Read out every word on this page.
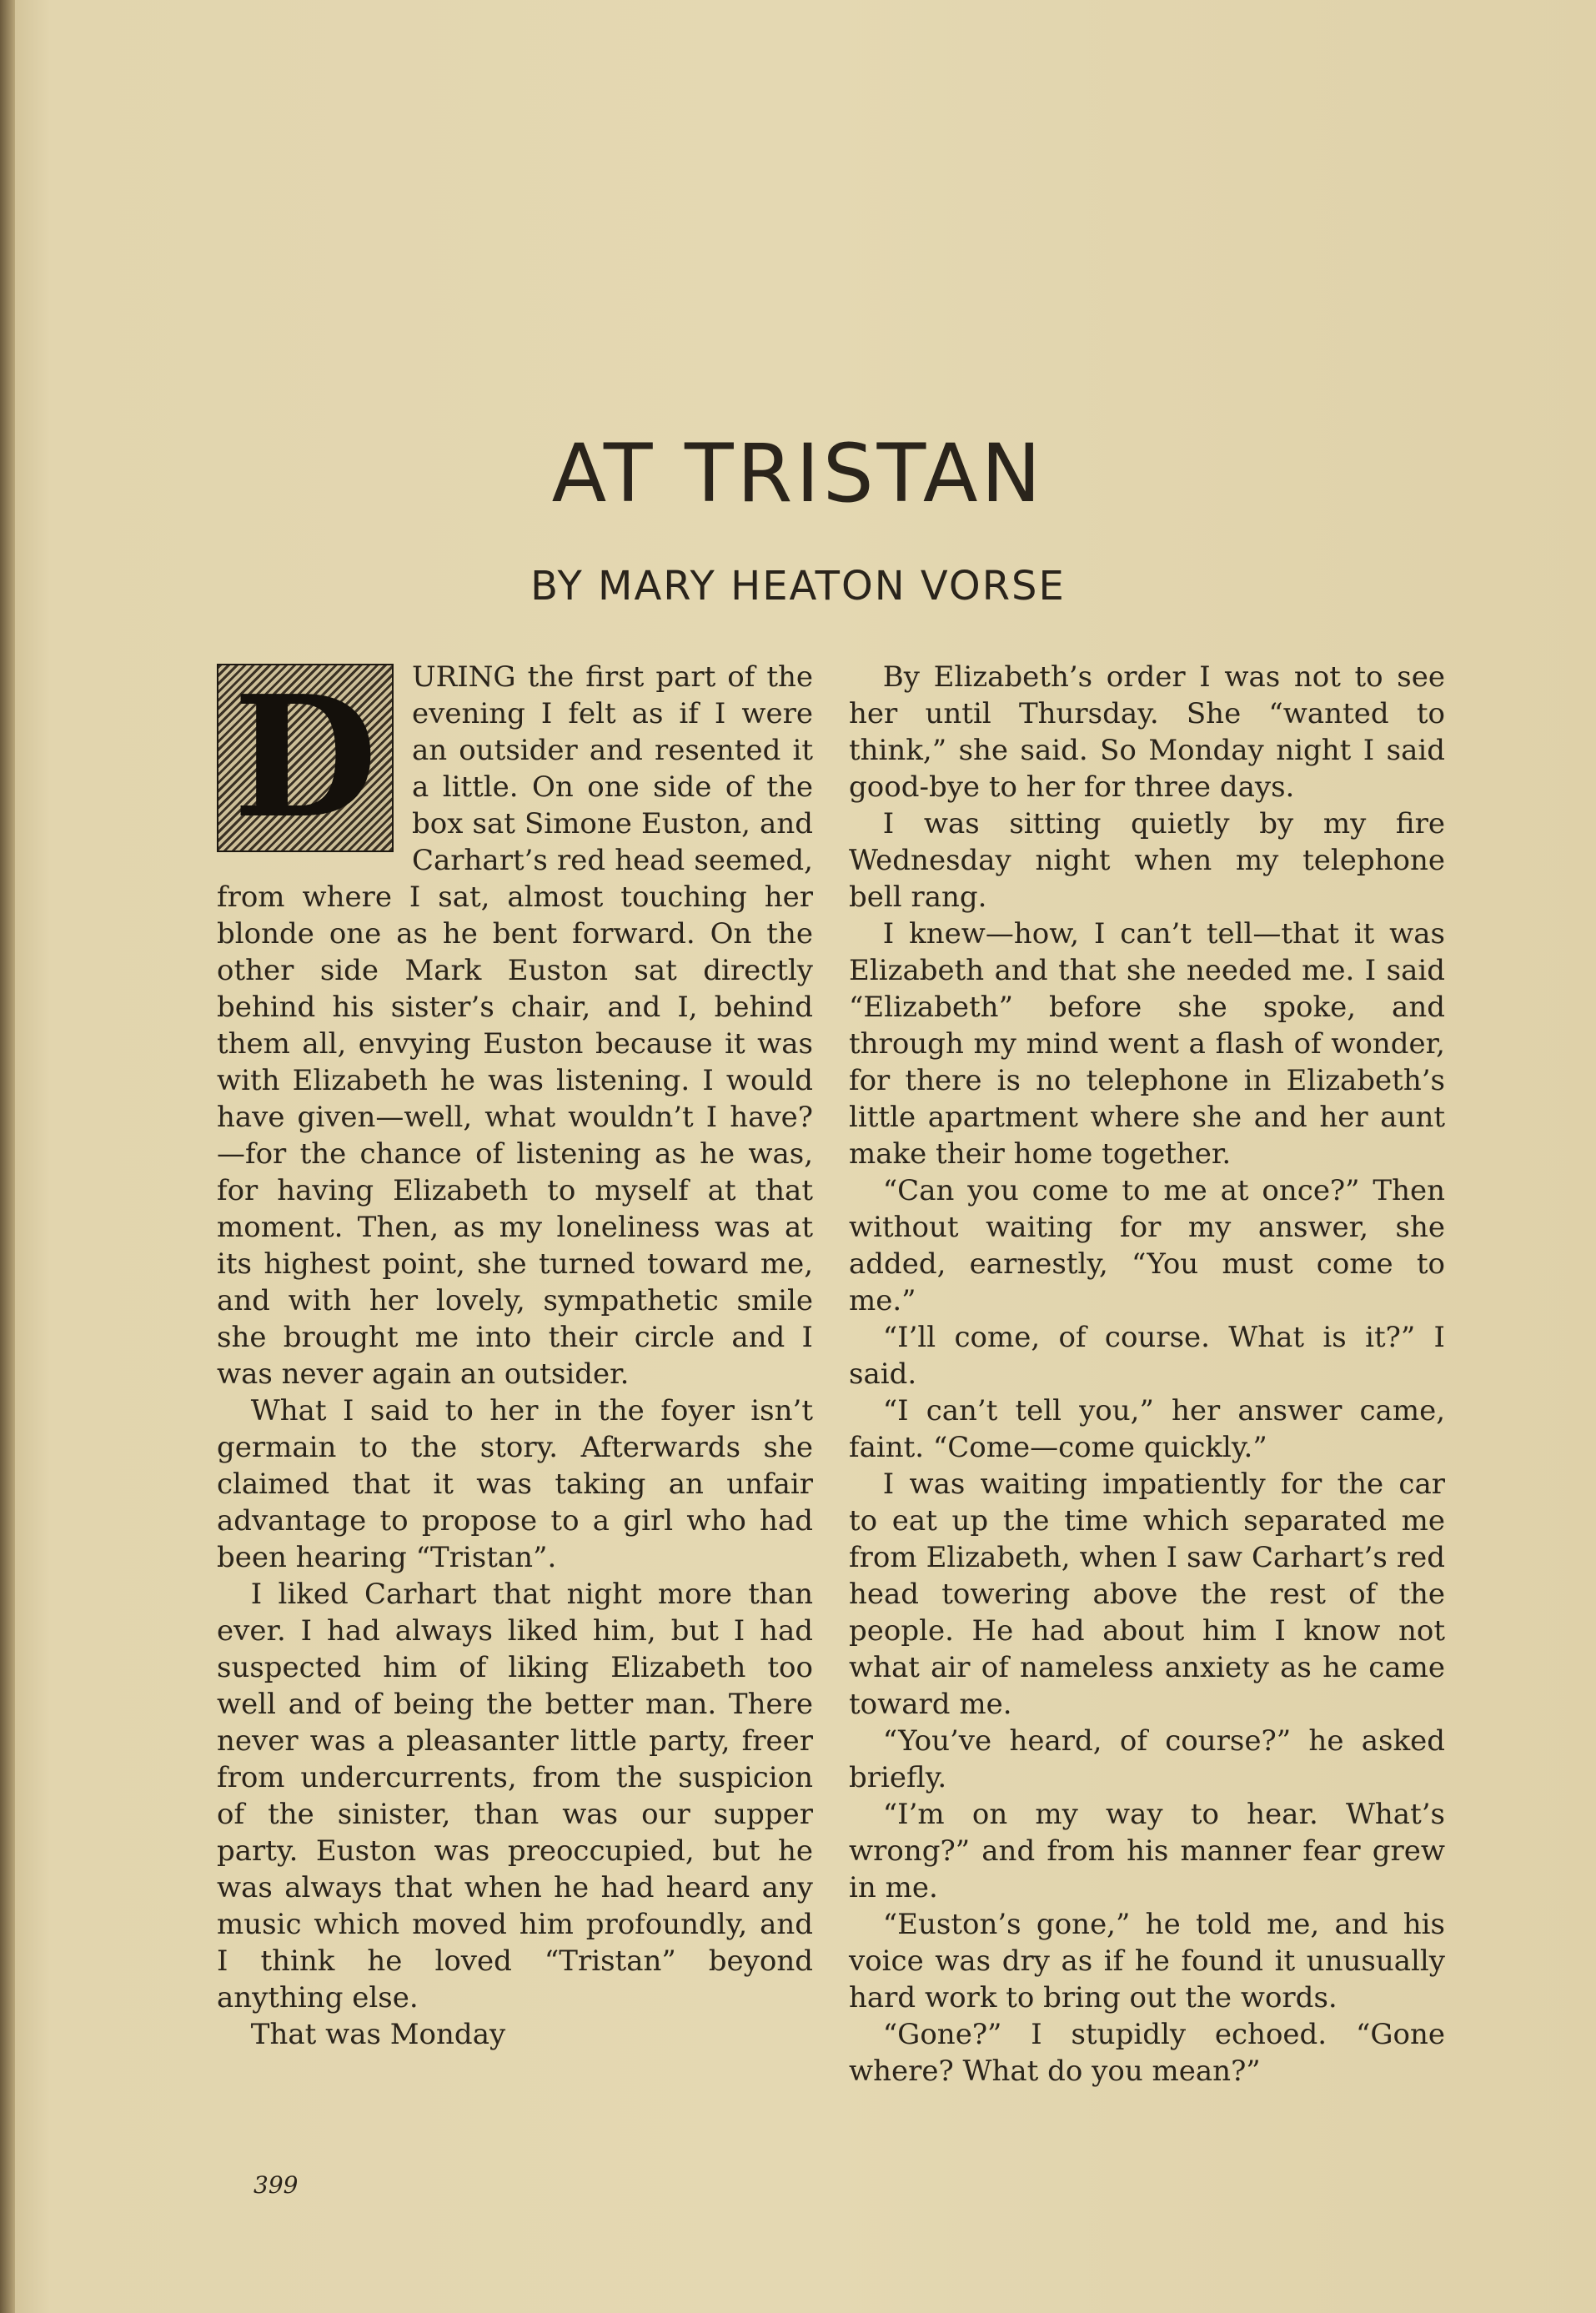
AT TRISTAN
BY MARY HEATON VORSE

D	URING the first part of the evening I felt as if I were an outsider and resented it a little. On one side of the box sat Simone Euston, and Carhart’s red head seemed, from where I sat, almost touching her blonde one as he bent forward. On the other side Mark Euston sat directly behind his sister’s chair, and I, behind them all, envying Euston because it was with Elizabeth he was listening. I would have given—well, what wouldn’t I have?—for the chance of listening as he was, for having Elizabeth to myself at that moment. Then, as my loneliness was at its highest point, she turned toward me, and with her lovely, sympathetic smile she brought me into their circle and I was never again an outsider.

What I said to her in the foyer isn’t germain to the story. Afterwards she claimed that it was taking an unfair advantage to propose to a girl who had been hearing “Tristan”.

I liked Carhart that night more than ever. I had always liked him, but I had suspected him of liking Elizabeth too well and of being the better man. There never was a pleasanter little party, freer from undercurrents, from the suspicion of the sinister, than was our supper party. Euston was preoccupied, but he was always that when he had heard any music which moved him profoundly, and I think he loved “Tristan” beyond anything else.

That was Monday

By Elizabeth’s order I was not to see her until Thursday. She “wanted to think,” she said. So Monday night I said good-bye to her for three days.

I was sitting quietly by my fire Wednesday night when my telephone bell rang.

I knew—how, I can’t tell—that it was Elizabeth and that she needed me. I said “Elizabeth” before she spoke, and through my mind went a flash of wonder, for there is no telephone in Elizabeth’s little apartment where she and her aunt make their home together.

“Can you come to me at once?” Then without waiting for my answer, she added, earnestly, “You must come to me.”

“I’ll come, of course. What is it?” I said.

“I can’t tell you,” her answer came, faint. “Come—come quickly.”

I was waiting impatiently for the car to eat up the time which separated me from Elizabeth, when I saw Carhart’s red head towering above the rest of the people. He had about him I know not what air of nameless anxiety as he came toward me.

“You’ve heard, of course?” he asked briefly.

“I’m on my way to hear. What’s wrong?” and from his manner fear grew in me.

“Euston’s gone,” he told me, and his voice was dry as if he found it unusually hard work to bring out the words.

“Gone?” I stupidly echoed. “Gone where? What do you mean?”

399
